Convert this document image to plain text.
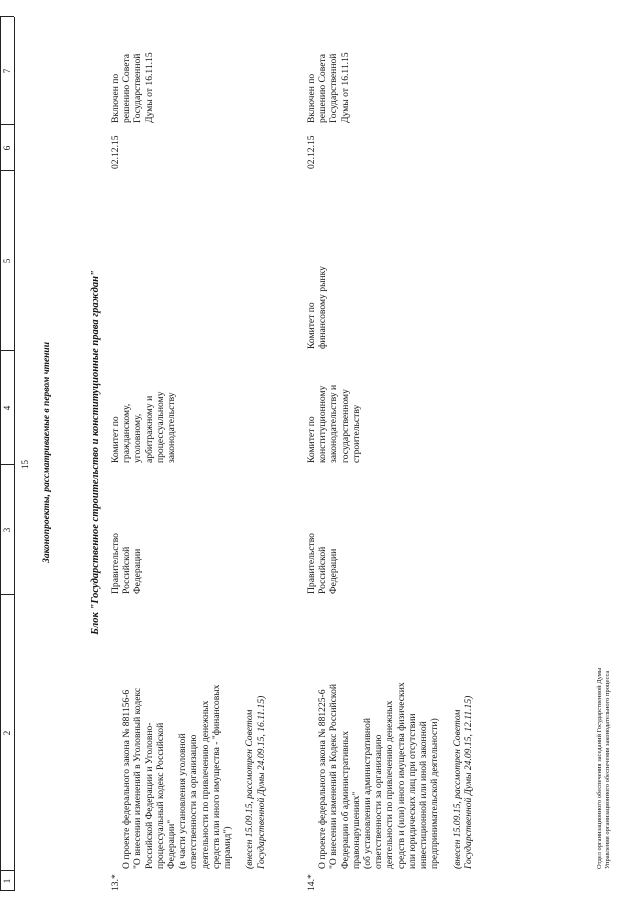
1
2
3
4
5
6
7
15 Законопроекты, рассматриваемые в первом чтении	Блок "Государственное строительство и конституционные права граждан"
13.*

О проекте федерального закона № 881156-6
"О внесении изменений в Уголовный кодекс
Российской Федерации и Уголовно-
процессуальный кодекс Российской
Федерации"
(в части установления уголовной
ответственности за организацию
деятельности по привлечению денежных
средств или иного имущества - "финансовых
пирамид") (внесен 15.09.15, рассмотрен Советом
Государственной Думы 24.09.15, 16.11.15)

Правительство
Российской
Федерации
Комитет по
гражданскому,
уголовному,
арбитражному и
процессуальному
законодательству
02.12.15
Включен по
решению Совета
Государственной
Думы от 16.11.15
14.*

О проекте федерального закона № 881225-6
"О внесении изменений в Кодекс Российской
Федерации об административных
правонарушениях"
(об установлении административной
ответственности за организацию
деятельности по привлечению денежных
средств и (или) иного имущества физических
или юридических лиц при отсутствии
инвестиционной или иной законной
предпринимательской деятельности)

(внесен 15.09.15, рассмотрен Советом
Государственной Думы 24.09.15, 12.11.15)

Правительство
Российской
Федерации
Комитет по
конституционному
законодательству и
государственному
строительству
Комитет по
финансовому рынку
02.12.15
Включен по
решению Совета
Государственной
Думы от 16.11.15
Отдел организационного обеспечения заседаний Государственной Думы Управления организационного обеспечения законодательного процесса
